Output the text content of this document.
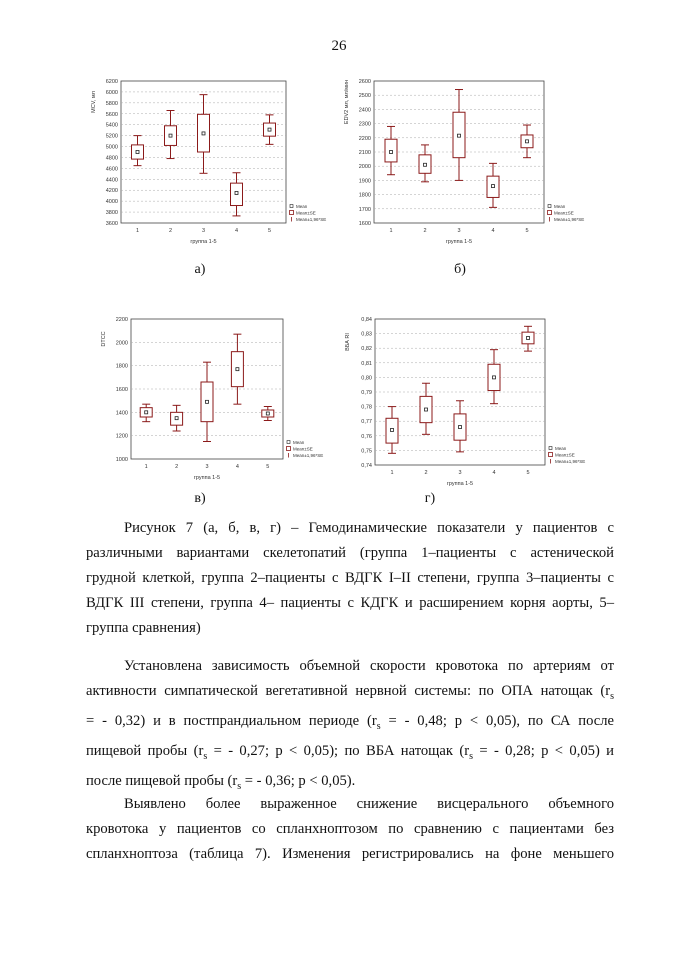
26
3600
3800
4000
4200
4400
4600
4800
5000
5200
5400
5600
5800
6000
6200
1	2	3	4	5
группа 1-5
MCV, мл
Mean
Mean±SE
Mean±1,96*SE
1600
1700
1800
1900
2000
2100
2200
2300
2400
2500
2600
1	2	3	4	5
группа 1-5
EDV2 мл, мл/мин
Mean
Mean±SE
Mean±1,96*SE
1000
1200
1400
1600
1800
2000
2200
1	2	3	4	5
группа 1-5
DTCC
Mean
Mean±SE
Mean±1,96*SE
0,74
0,75
0,76
0,77
0,78
0,79
0,80
0,81
0,82
0,83
0,84
1	2	3	4	5
группа 1-5
ВБА RI
Mean
Mean±SE
Mean±1,96*SE
а)	б)
в)	г)
Рисунок 7 (а, б, в, г) – Гемодинамические показатели у пациентов с
различными вариантами скелетопатий (группа 1–пациенты с астенической
грудной клеткой, группа 2–пациенты с ВДГК I–II степени, группа 3–пациенты с
ВДГК III степени, группа 4– пациенты с КДГК и расширением корня аорты, 5–
группа сравнения)
Установлена зависимость объемной скорости кровотока по артериям от
активности симпатической вегетативной нервной системы: по ОПА натощак ($r_s$
= - 0,32) и в постпрандиальном периоде ($r_s$ = - 0,48; p < 0,05), по СА после
пищевой пробы ($r_s$ = - 0,27; p < 0,05); по ВБА натощак ($r_s$ = - 0,28; p < 0,05) и
после пищевой пробы ($r_s$ = - 0,36; p < 0,05).
Выявлено более выраженное снижение висцерального объемного
кровотока у пациентов со спланхноптозом по сравнению с пациентами без
спланхноптоза (таблица 7). Изменения регистрировались на фоне меньшего
